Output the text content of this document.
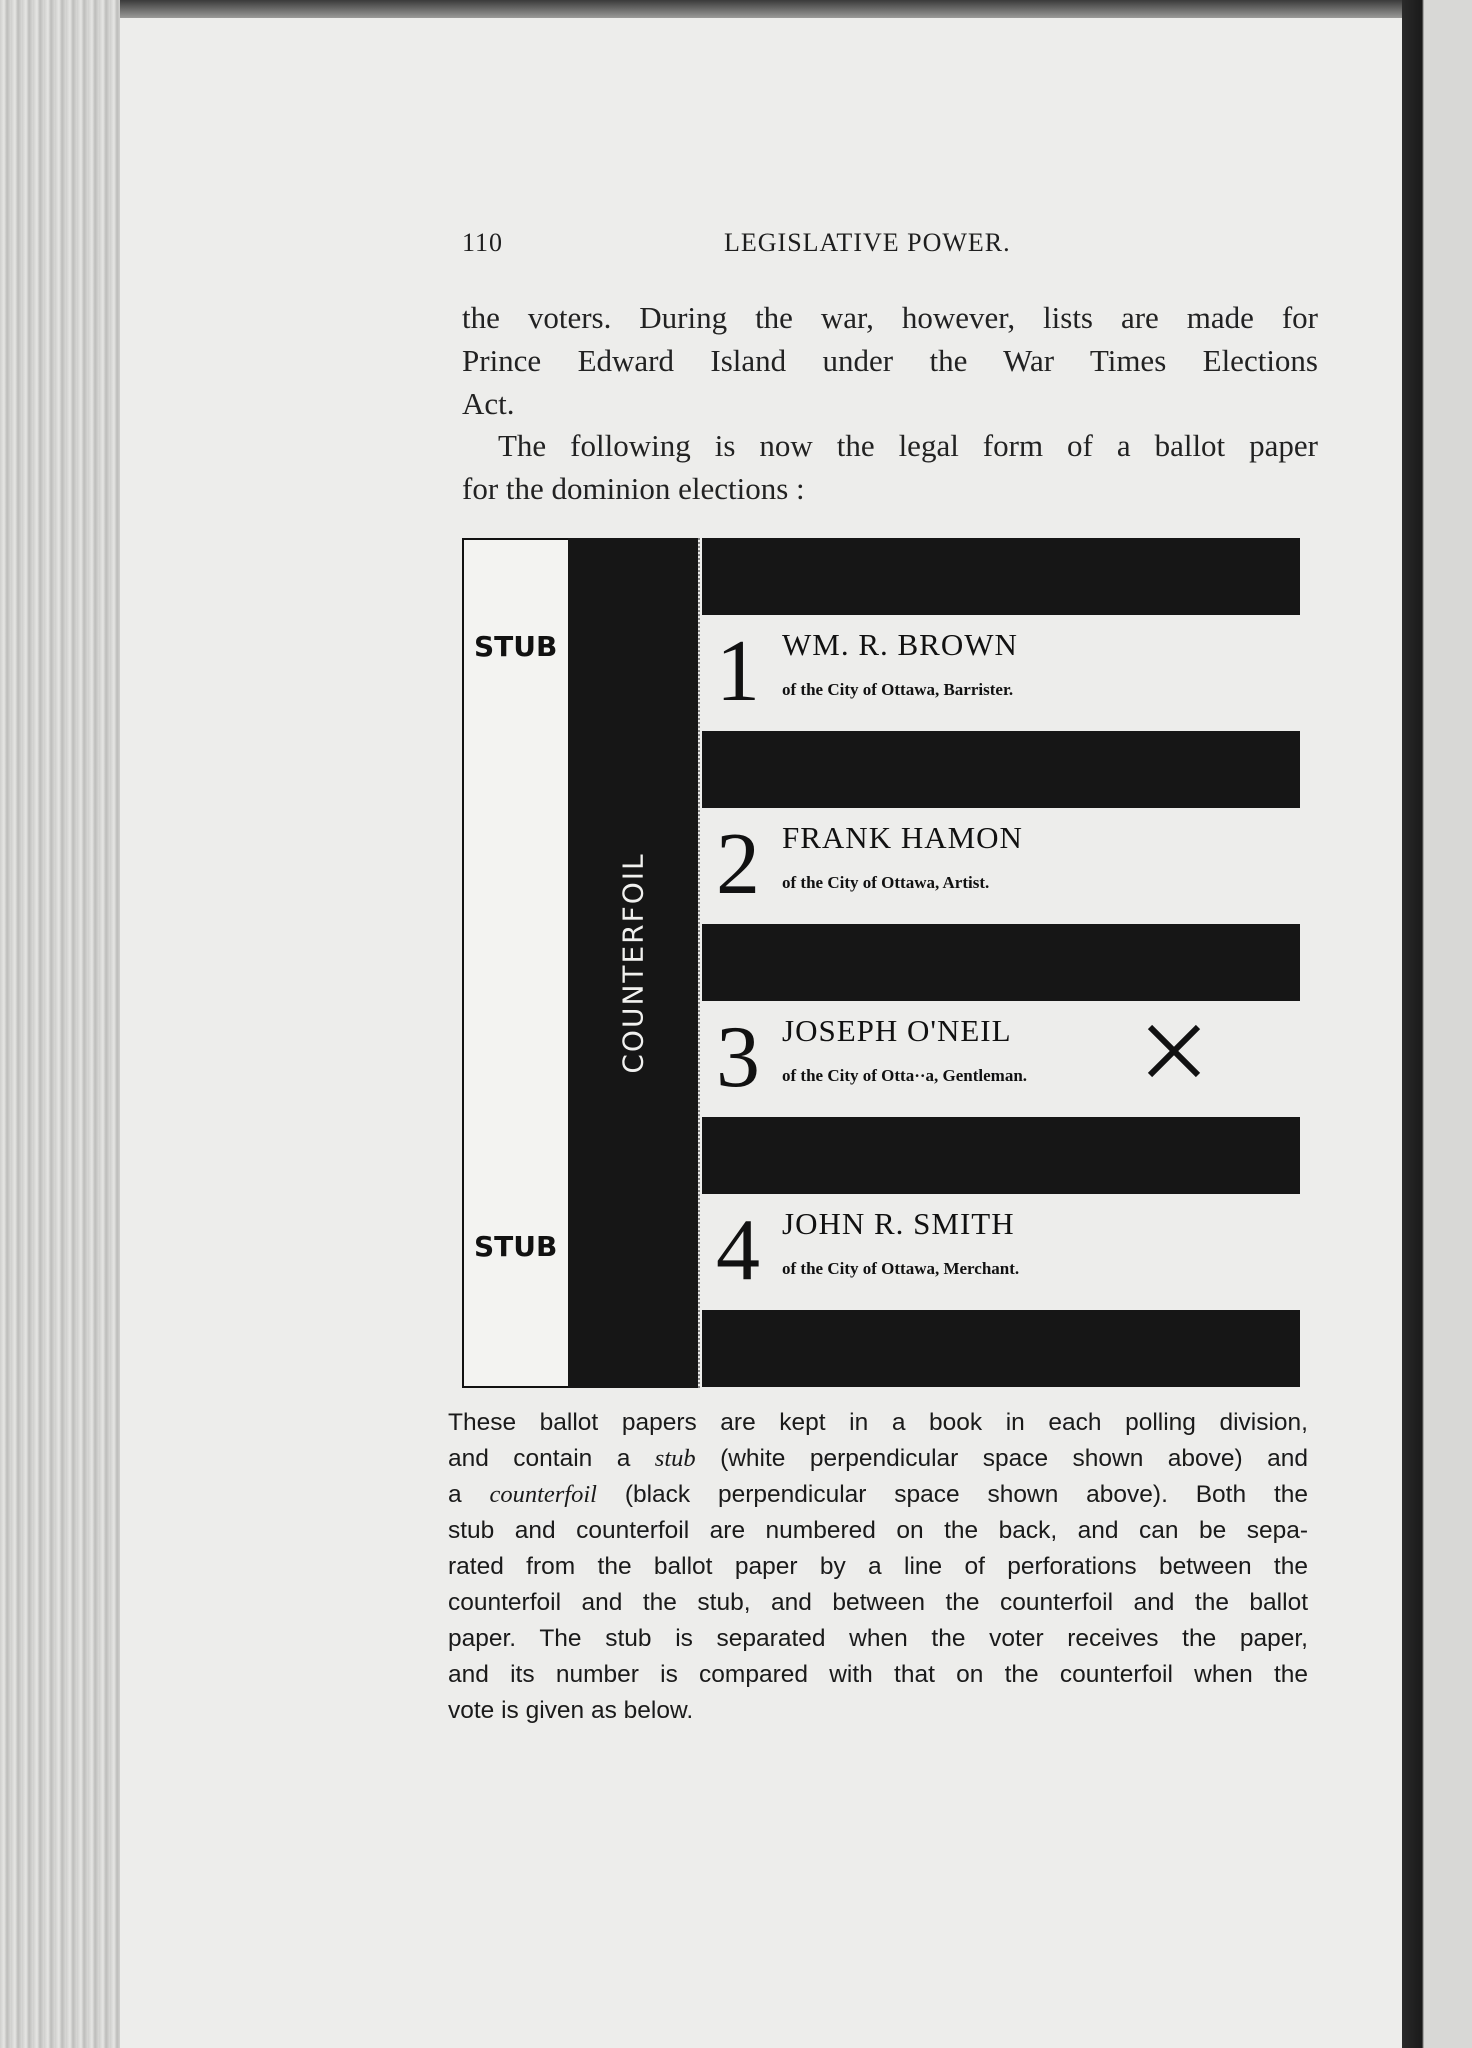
110	LEGISLATIVE POWER.

the voters. During the war, however, lists are made for
Prince Edward Island under the War Times Elections
Act.

The following is now the legal form of a ballot paper
for the dominion elections :

STUB
STUB
COUNTERFOIL
1 WM. R. BROWN
of the City of Ottawa, Barrister.
2 FRANK HAMON
of the City of Ottawa, Artist.
3 JOSEPH O'NEIL
of the City of Otta··a, Gentleman.
4 JOHN R. SMITH
of the City of Ottawa, Merchant.

These ballot papers are kept in a book in each polling division,
and contain a stub (white perpendicular space shown above) and
a counterfoil (black perpendicular space shown above). Both the
stub and counterfoil are numbered on the back, and can be sepa-
rated from the ballot paper by a line of perforations between the
counterfoil and the stub, and between the counterfoil and the ballot
paper. The stub is separated when the voter receives the paper,
and its number is compared with that on the counterfoil when the
vote is given as below.
